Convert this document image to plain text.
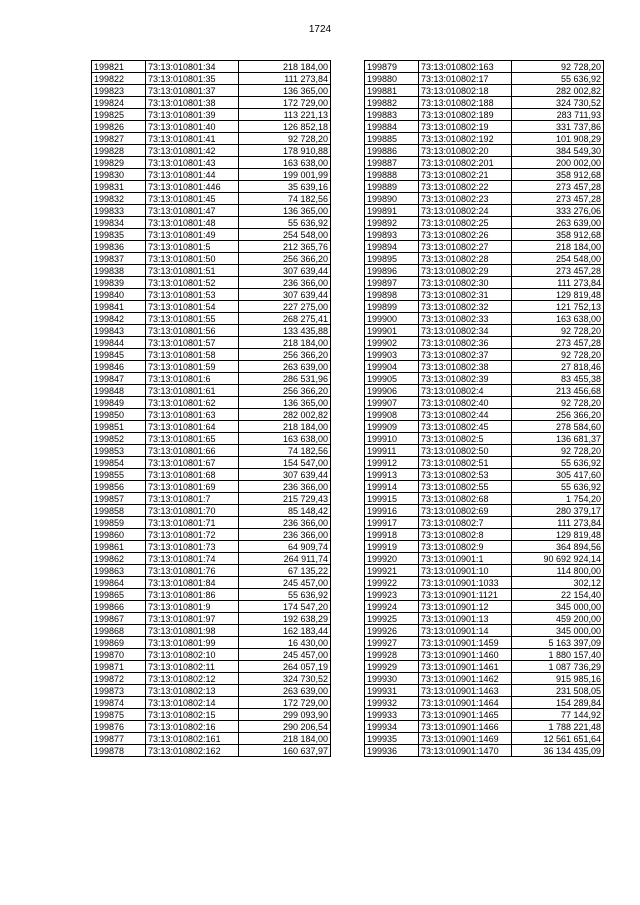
1724
199821	73:13:010801:34	218 184,00
199822	73:13:010801:35	111 273,84
199823	73:13:010801:37	136 365,00
199824	73:13:010801:38	172 729,00
199825	73:13:010801:39	113 221,13
199826	73:13:010801:40	126 852,18
199827	73:13:010801:41	92 728,20
199828	73:13:010801:42	178 910,88
199829	73:13:010801:43	163 638,00
199830	73:13:010801:44	199 001,99
199831	73:13:010801:446	35 639,16
199832	73:13:010801:45	74 182,56
199833	73:13:010801:47	136 365,00
199834	73:13:010801:48	55 636,92
199835	73:13:010801:49	254 548,00
199836	73:13:010801:5	212 365,76
199837	73:13:010801:50	256 366,20
199838	73:13:010801:51	307 639,44
199839	73:13:010801:52	236 366,00
199840	73:13:010801:53	307 639,44
199841	73:13:010801:54	227 275,00
199842	73:13:010801:55	268 275,41
199843	73:13:010801:56	133 435,88
199844	73:13:010801:57	218 184,00
199845	73:13:010801:58	256 366,20
199846	73:13:010801:59	263 639,00
199847	73:13:010801:6	286 531,96
199848	73:13:010801:61	256 366,20
199849	73:13:010801:62	136 365,00
199850	73:13:010801:63	282 002,82
199851	73:13:010801:64	218 184,00
199852	73:13:010801:65	163 638,00
199853	73:13:010801:66	74 182,56
199854	73:13:010801:67	154 547,00
199855	73:13:010801:68	307 639,44
199856	73:13:010801:69	236 366,00
199857	73:13:010801:7	215 729,43
199858	73:13:010801:70	85 148,42
199859	73:13:010801:71	236 366,00
199860	73:13:010801:72	236 366,00
199861	73:13:010801:73	64 909,74
199862	73:13:010801:74	264 911,74
199863	73:13:010801:76	67 135,22
199864	73:13:010801:84	245 457,00
199865	73:13:010801:86	55 636,92
199866	73:13:010801:9	174 547,20
199867	73:13:010801:97	192 638,29
199868	73:13:010801:98	162 183,44
199869	73:13:010801:99	16 430,00
199870	73:13:010802:10	245 457,00
199871	73:13:010802:11	264 057,19
199872	73:13:010802:12	324 730,52
199873	73:13:010802:13	263 639,00
199874	73:13:010802:14	172 729,00
199875	73:13:010802:15	299 093,90
199876	73:13:010802:16	290 206,54
199877	73:13:010802:161	218 184,00
199878	73:13:010802:162	160 637,97
199879	73:13:010802:163	92 728,20
199880	73:13:010802:17	55 636,92
199881	73:13:010802:18	282 002,82
199882	73:13:010802:188	324 730,52
199883	73:13:010802:189	283 711,93
199884	73:13:010802:19	331 737,86
199885	73:13:010802:192	101 908,29
199886	73:13:010802:20	384 549,30
199887	73:13:010802:201	200 002,00
199888	73:13:010802:21	358 912,68
199889	73:13:010802:22	273 457,28
199890	73:13:010802:23	273 457,28
199891	73:13:010802:24	333 276,06
199892	73:13:010802:25	263 639,00
199893	73:13:010802:26	358 912,68
199894	73:13:010802:27	218 184,00
199895	73:13:010802:28	254 548,00
199896	73:13:010802:29	273 457,28
199897	73:13:010802:30	111 273,84
199898	73:13:010802:31	129 819,48
199899	73:13:010802:32	121 752,13
199900	73:13:010802:33	163 638,00
199901	73:13:010802:34	92 728,20
199902	73:13:010802:36	273 457,28
199903	73:13:010802:37	92 728,20
199904	73:13:010802:38	27 818,46
199905	73:13:010802:39	83 455,38
199906	73:13:010802:4	213 456,68
199907	73:13:010802:40	92 728,20
199908	73:13:010802:44	256 366,20
199909	73:13:010802:45	278 584,60
199910	73:13:010802:5	136 681,37
199911	73:13:010802:50	92 728,20
199912	73:13:010802:51	55 636,92
199913	73:13:010802:53	305 417,60
199914	73:13:010802:55	55 636,92
199915	73:13:010802:68	1 754,20
199916	73:13:010802:69	280 379,17
199917	73:13:010802:7	111 273,84
199918	73:13:010802:8	129 819,48
199919	73:13:010802:9	364 894,56
199920	73:13:010901:1	90 692 924,14
199921	73:13:010901:10	114 800,00
199922	73:13:010901:1033	302,12
199923	73:13:010901:1121	22 154,40
199924	73:13:010901:12	345 000,00
199925	73:13:010901:13	459 200,00
199926	73:13:010901:14	345 000,00
199927	73:13:010901:1459	5 163 397,09
199928	73:13:010901:1460	1 880 157,40
199929	73:13:010901:1461	1 087 736,29
199930	73:13:010901:1462	915 985,16
199931	73:13:010901:1463	231 508,05
199932	73:13:010901:1464	154 289,84
199933	73:13:010901:1465	77 144,92
199934	73:13:010901:1466	1 788 221,48
199935	73:13:010901:1469	12 561 651,64
199936	73:13:010901:1470	36 134 435,09
